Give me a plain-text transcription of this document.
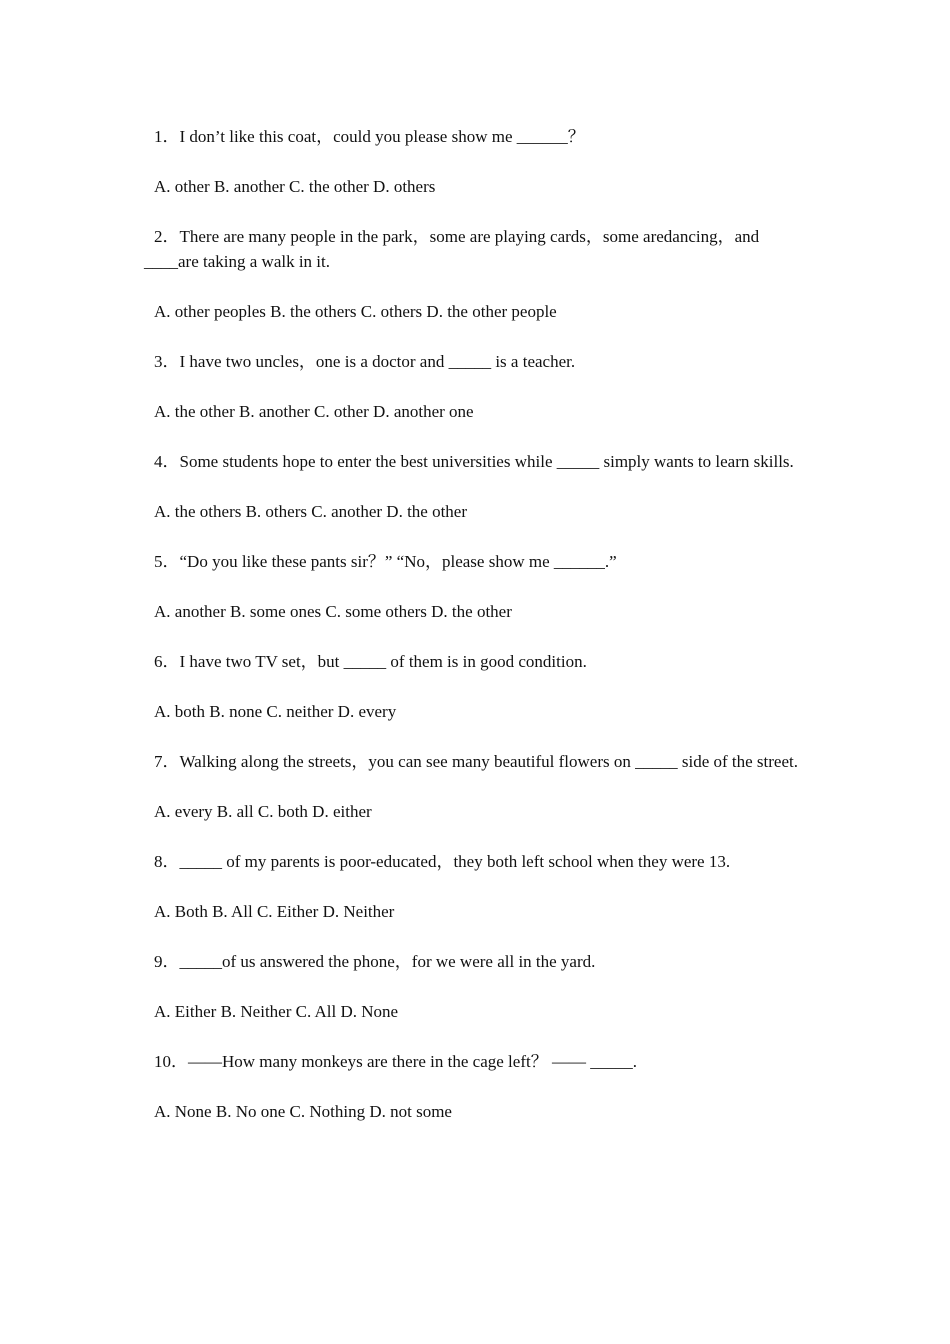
1．I don’t like this coat，could you please show me ______？

A. other B. another C. the other D. others

2．There are many people in the park，some are playing cards，some aredancing，and ____are taking a walk in it.

A. other peoples B. the others C. others D. the other people

3．I have two uncles，one is a doctor and _____ is a teacher.

A. the other B. another C. other D. another one

4．Some students hope to enter the best universities while _____ simply wants to learn skills.

A. the others B. others C. another D. the other

5．“Do you like these pants sir？” “No，please show me ______.”

A. another B. some ones C. some others D. the other

6．I have two TV set，but _____ of them is in good condition.

A. both B. none C. neither D. every

7．Walking along the streets，you can see many beautiful flowers on _____ side of the street.

A. every B. all C. both D. either

8．_____ of my parents is poor-educated，they both left school when they were 13.

A. Both B. All C. Either D. Neither

9．_____of us answered the phone，for we were all in the yard.

A. Either B. Neither C. All D. None

10．——How many monkeys are there in the cage left？ —— _____.

A. None B. No one C. Nothing D. not some
